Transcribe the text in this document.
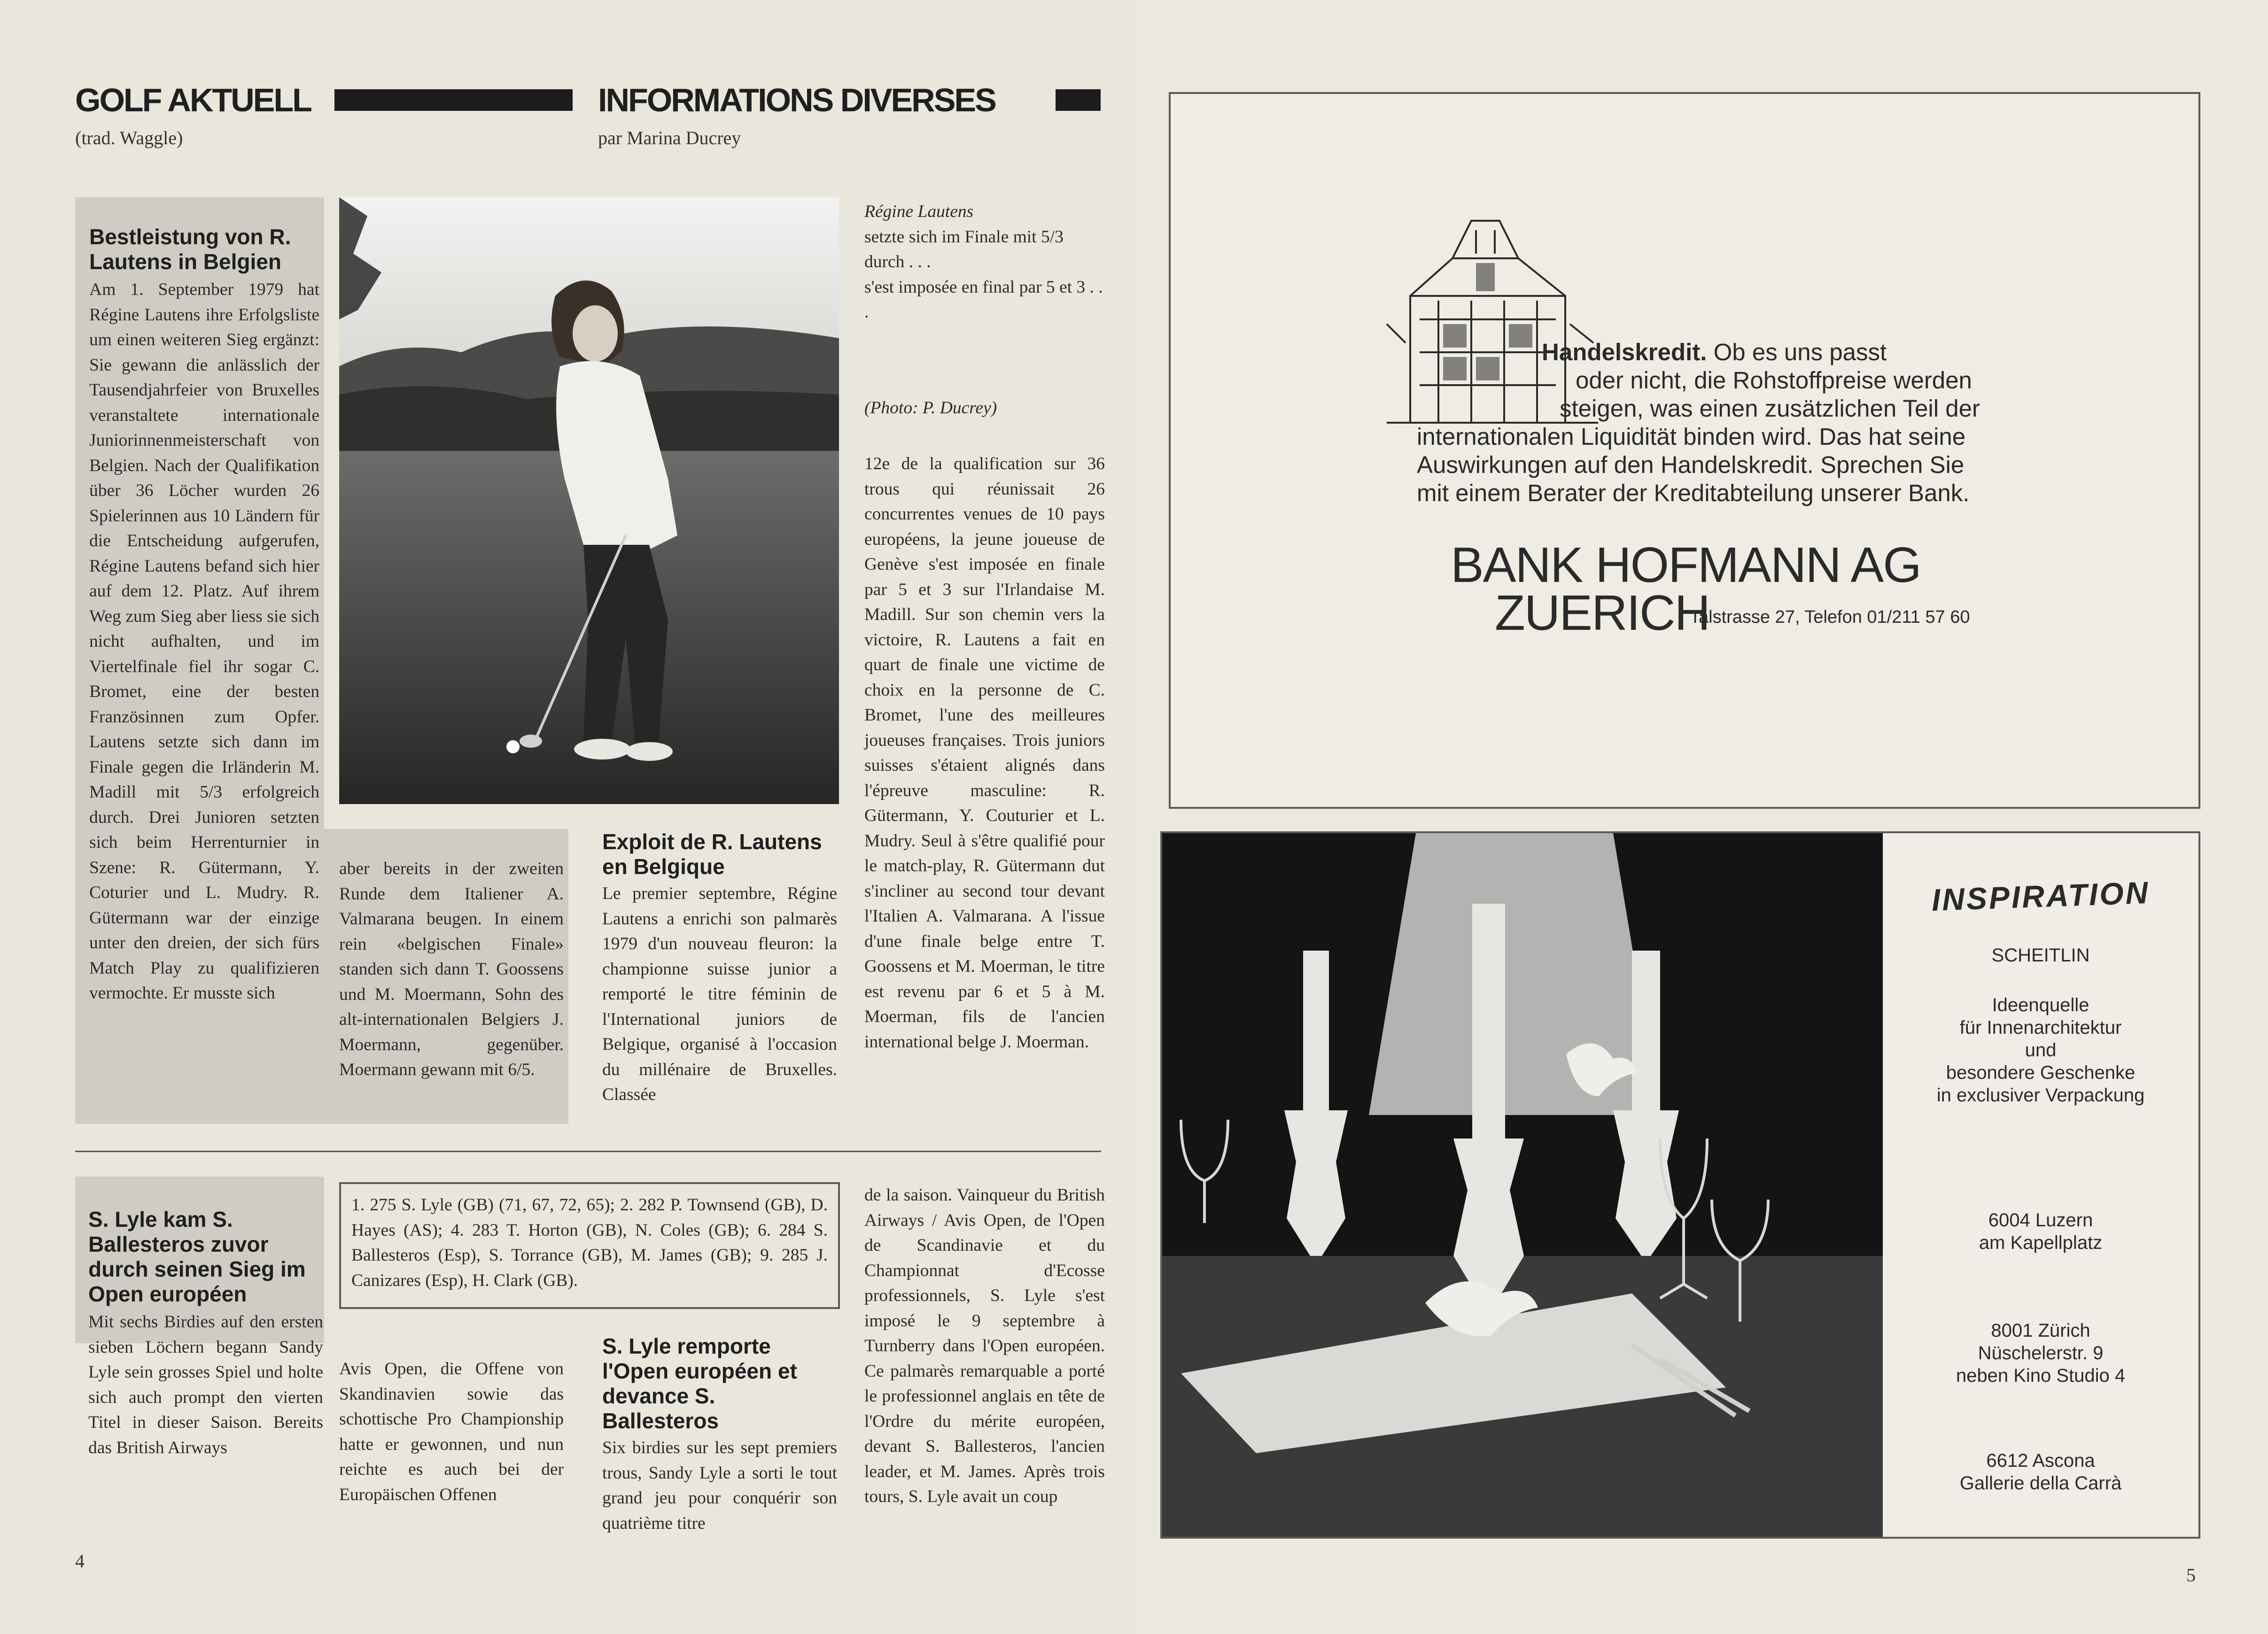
GOLF AKTUELL
(trad. Waggle)
INFORMATIONS DIVERSES
par Marina Ducrey
Bestleistung von R. Lautens in Belgien
Am 1. September 1979 hat Régine Lautens ihre Erfolgsliste um einen weiteren Sieg ergänzt: Sie gewann die anlässlich der Tausendjahrfeier von Bruxelles veranstaltete internationale Juniorinnenmeisterschaft von Belgien. Nach der Qualifikation über 36 Löcher wurden 26 Spielerinnen aus 10 Ländern für die Entscheidung aufgerufen, Régine Lautens befand sich hier auf dem 12. Platz. Auf ihrem Weg zum Sieg aber liess sie sich nicht aufhalten, und im Viertelfinale fiel ihr sogar C. Bromet, eine der besten Französinnen zum Opfer. Lautens setzte sich dann im Finale gegen die Irländerin M. Madill mit 5/3 erfolgreich durch. Drei Junioren setzten sich beim Herrenturnier in Szene: R. Gütermann, Y. Coturier und L. Mudry. R. Gütermann war der einzige unter den dreien, der sich fürs Match Play zu qualifizieren vermochte. Er musste sich

Régine Lautens

setzte sich im Finale mit 5/3 durch . . .

s'est imposée en final par 5 et 3 . . .

(Photo: P. Ducrey)

aber bereits in der zweiten Runde dem Italiener A. Valmarana beugen. In einem rein «belgischen Finale» standen sich dann T. Goossens und M. Moermann, Sohn des alt-internationalen Belgiers J. Moermann, gegenüber. Moermann gewann mit 6/5.
Exploit de R. Lautens en Belgique
Le premier septembre, Régine Lautens a enrichi son palmarès 1979 d'un nouveau fleuron: la championne suisse junior a remporté le titre féminin de l'International juniors de Belgique, organisé à l'occasion du millénaire de Bruxelles. Classée
12e de la qualification sur 36 trous qui réunissait 26 concurrentes venues de 10 pays européens, la jeune joueuse de Genève s'est imposée en finale par 5 et 3 sur l'Irlandaise M. Madill. Sur son chemin vers la victoire, R. Lautens a fait en quart de finale une victime de choix en la personne de C. Bromet, l'une des meilleures joueuses françaises. Trois juniors suisses s'étaient alignés dans l'épreuve masculine: R. Gütermann, Y. Couturier et L. Mudry. Seul à s'être qualifié pour le match-play, R. Gütermann dut s'incliner au second tour devant l'Italien A. Valmarana. A l'issue d'une finale belge entre T. Goossens et M. Moerman, le titre est revenu par 6 et 5 à M. Moerman, fils de l'ancien international belge J. Moerman.
S. Lyle kam S. Ballesteros zuvor durch seinen Sieg im Open européen
Mit sechs Birdies auf den ersten sieben Löchern begann Sandy Lyle sein grosses Spiel und holte sich auch prompt den vierten Titel in dieser Saison. Bereits das British Airways
1. 275 S. Lyle (GB) (71, 67, 72, 65); 2. 282 P. Townsend (GB), D. Hayes (AS); 4. 283 T. Horton (GB), N. Coles (GB); 6. 284 S. Ballesteros (Esp), S. Torrance (GB), M. James (GB); 9. 285 J. Canizares (Esp), H. Clark (GB).
Avis Open, die Offene von Skandinavien sowie das schottische Pro Championship hatte er gewonnen, und nun reichte es auch bei der Europäischen Offenen
S. Lyle remporte l'Open européen et devance S. Ballesteros
Six birdies sur les sept premiers trous, Sandy Lyle a sorti le tout grand jeu pour conquérir son quatrième titre
de la saison. Vainqueur du British Airways / Avis Open, de l'Open de Scandinavie et du Championnat d'Ecosse professionnels, S. Lyle s'est imposé le 9 septembre à Turnberry dans l'Open européen. Ce palmarès remarquable a porté le professionnel anglais en tête de l'Ordre du mérite européen, devant S. Ballesteros, l'ancien leader, et M. James. Après trois tours, S. Lyle avait un coup
4
Handelskredit. Ob es uns passt
oder nicht, die Rohstoffpreise werden
steigen, was einen zusätzlichen Teil der
internationalen Liquidität binden wird. Das hat seine
Auswirkungen auf den Handelskredit. Sprechen Sie
mit einem Berater der Kreditabteilung unserer Bank.
BANK HOFMANN AG
ZUERICH
Talstrasse 27, Telefon 01/211 57 60
INSPIRATION
SCHEITLIN
Ideenquelle
für Innenarchitektur
und
besondere Geschenke
in exclusiver Verpackung
6004 Luzern
am Kapellplatz
8001 Zürich
Nüschelerstr. 9
neben Kino Studio 4
6612 Ascona
Gallerie della Carrà
5
